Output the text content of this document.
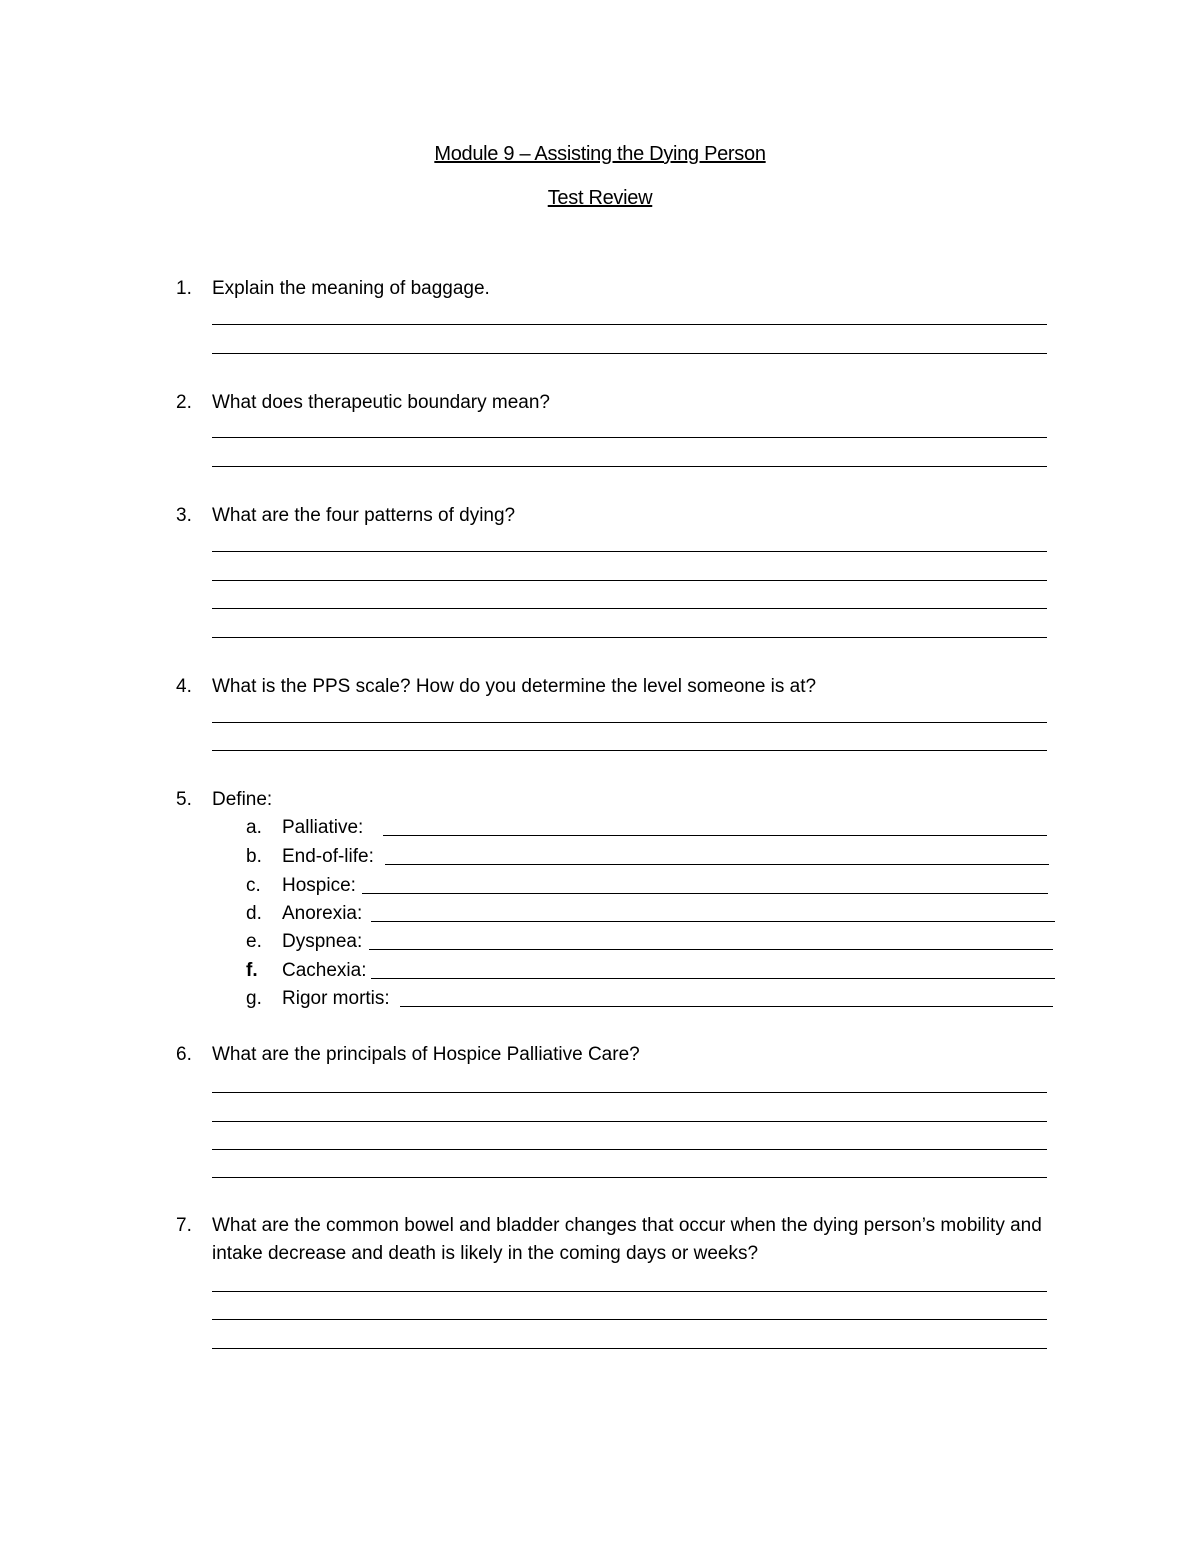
Module 9 – Assisting the Dying Person
Test Review
1. Explain the meaning of baggage.
2. What does therapeutic boundary mean?
3. What are the four patterns of dying?
4. What is the PPS scale? How do you determine the level someone is at?
5. Define:
a. Palliative:
b. End-of-life:
c. Hospice:
d. Anorexia:
e. Dyspnea:
f. Cachexia:
g. Rigor mortis:
6. What are the principals of Hospice Palliative Care?
7. What are the common bowel and bladder changes that occur when the dying person’s mobility and intake decrease and death is likely in the coming days or weeks?
